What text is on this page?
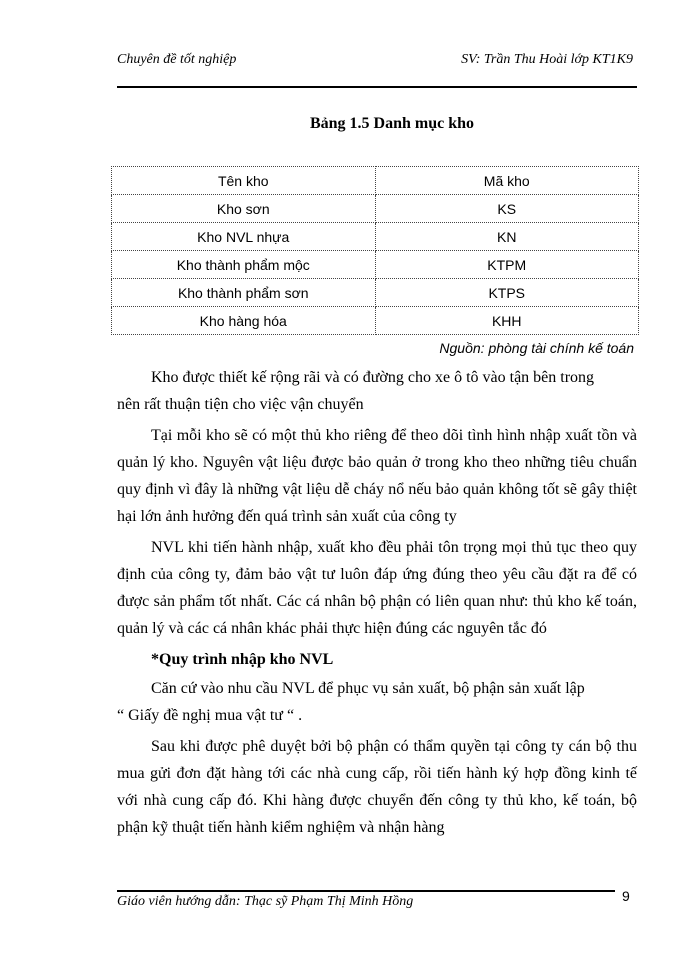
Chuyên đề tốt nghiệp	SV: Trần Thu Hoài lớp KT1K9
Bảng 1.5 Danh mục kho
Tên kho	Mã kho
Kho sơn	KS
Kho NVL nhựa	KN
Kho thành phẩm mộc	KTPM
Kho thành phẩm sơn	KTPS
Kho hàng hóa	KHH
Nguồn: phòng tài chính kế toán

Kho được thiết kế rộng rãi và có đường cho xe ô tô vào tận bên trong

nên rất thuận tiện cho việc vận chuyển

Tại mỗi kho sẽ có một thủ kho riêng để theo dõi tình hình nhập xuất tồn và quản lý kho. Nguyên vật liệu được bảo quản ở trong kho theo những tiêu chuẩn quy định vì đây là những vật liệu dễ cháy nổ nếu bảo quản không tốt sẽ gây thiệt hại lớn ảnh hưởng đến quá trình sản xuất của công ty

NVL khi tiến hành nhập, xuất kho đều phải tôn trọng mọi thủ tục theo quy định của công ty, đảm bảo vật tư luôn đáp ứng đúng theo yêu cầu đặt ra để có được sản phẩm tốt nhất. Các cá nhân bộ phận có liên quan như: thủ kho kế toán, quản lý và các cá nhân khác phải thực hiện đúng các nguyên tắc đó

*Quy trình nhập kho NVL

Căn cứ vào nhu cầu NVL để phục vụ sản xuất, bộ phận sản xuất lập

“ Giấy đề nghị mua vật tư “ .

Sau khi được phê duyệt bởi bộ phận có thẩm quyền tại công ty cán bộ thu mua gửi đơn đặt hàng tới các nhà cung cấp, rồi tiến hành ký hợp đồng kinh tế với nhà cung cấp đó. Khi hàng được chuyển đến công ty thủ kho, kế toán, bộ phận kỹ thuật tiến hành kiểm nghiệm và nhận hàng

Giáo viên hướng dẫn: Thạc sỹ Phạm Thị Minh Hồng	9
